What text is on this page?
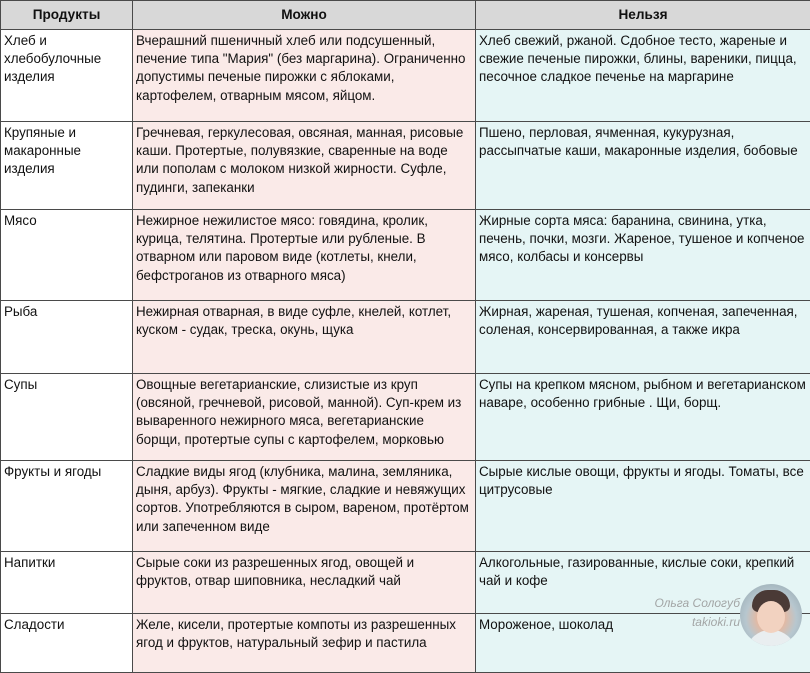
Продукты	Можно	Нельзя
Хлеб и хлебобулочные изделия	Вчерашний пшеничный хлеб или подсушенный, печение типа "Мария" (без маргарина). Ограниченно допустимы печеные пирожки с яблоками, картофелем, отварным мясом, яйцом.	Хлеб свежий, ржаной. Сдобное тесто, жареные и свежие печеные пирожки, блины, вареники, пицца, песочное сладкое печенье на маргарине
Крупяные и макаронные изделия	Гречневая, геркулесовая, овсяная, манная, рисовые каши. Протертые, полувязкие, сваренные на воде или пополам с молоком низкой жирности. Суфле, пудинги, запеканки	Пшено, перловая, ячменная, кукурузная, рассыпчатые каши, макаронные изделия, бобовые
Мясо	Нежирное нежилистое мясо: говядина, кролик, курица, телятина. Протертые или рубленые. В отварном или паровом виде (котлеты, кнели, бефстроганов из отварного мяса)	Жирные сорта мяса: баранина, свинина, утка, печень, почки, мозги. Жареное, тушеное и копченое мясо, колбасы и консервы
Рыба	Нежирная отварная, в виде суфле, кнелей, котлет, куском - судак, треска, окунь, щука	Жирная, жареная, тушеная, копченая, запеченная, соленая, консервированная, а также икра
Супы	Овощные вегетарианские, слизистые из круп (овсяной, гречневой, рисовой, манной). Суп-крем из вываренного нежирного мяса, вегетарианские борщи, протертые супы с картофелем, морковью	Супы на крепком мясном, рыбном и вегетарианском наваре, особенно грибные . Щи, борщ.
Фрукты и ягоды	Сладкие виды ягод (клубника, малина, земляника, дыня, арбуз). Фрукты - мягкие, сладкие и невяжущих сортов. Употребляются в сыром, вареном, протёртом или запеченном виде	Сырые кислые овощи, фрукты и ягоды. Томаты, все цитрусовые
Напитки	Сырые соки из разрешенных ягод, овощей и фруктов, отвар шиповника, несладкий чай	Алкогольные, газированные, кислые соки, крепкий чай и кофе
Сладости	Желе, кисели, протертые компоты из разрешенных ягод и фруктов, натуральный зефир и пастила	Мороженое, шоколад
Ольга Сологуб
takioki.ru
